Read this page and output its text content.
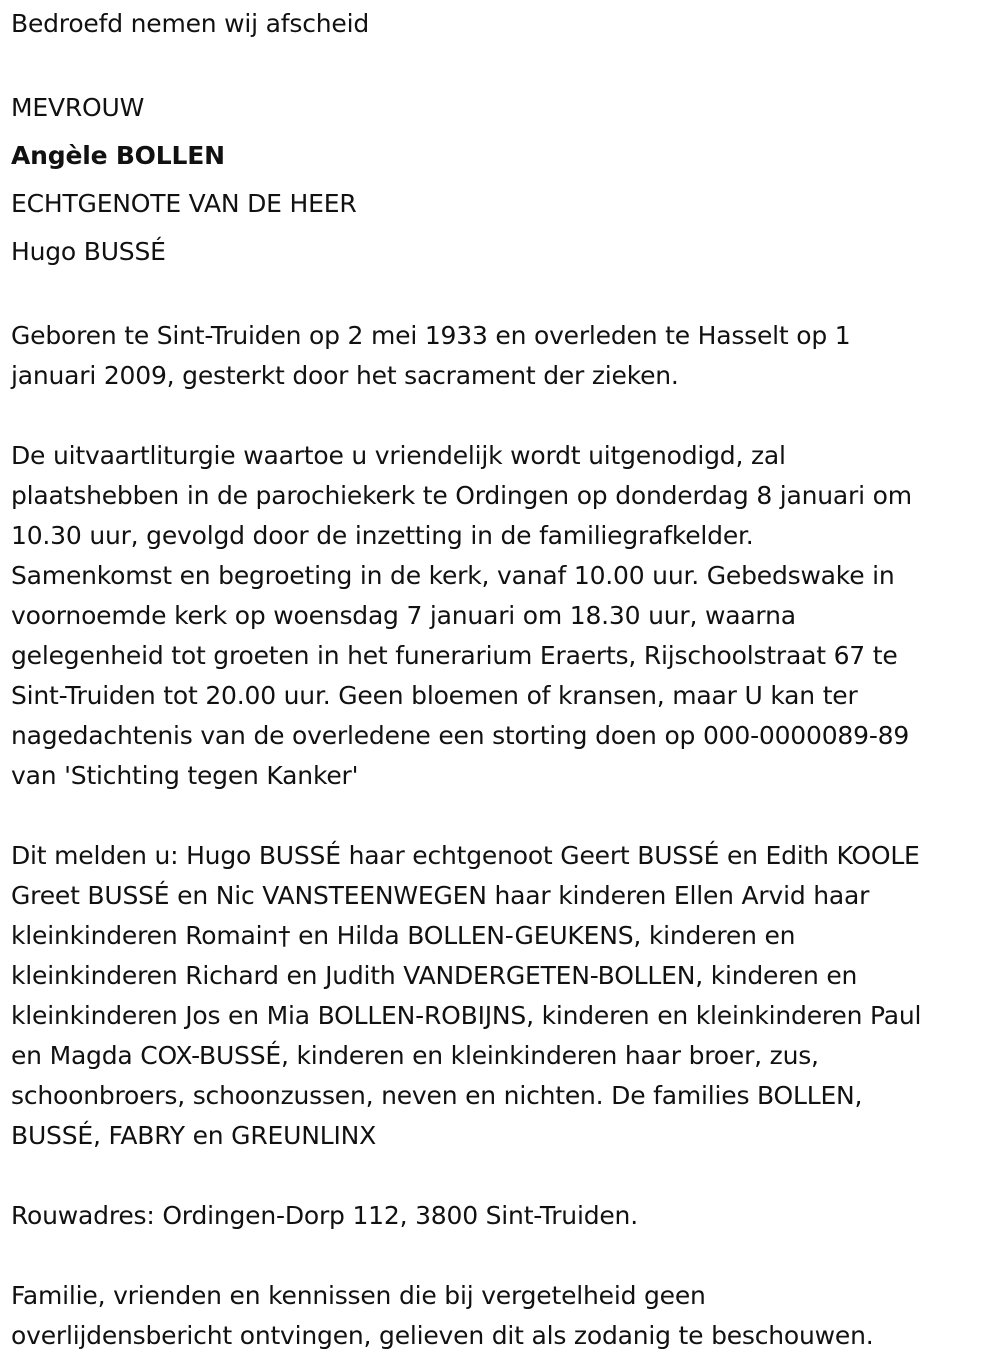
Bedroefd nemen wij afscheid
MEVROUW
Angèle BOLLEN
ECHTGENOTE VAN DE HEER
Hugo BUSSÉ
Geboren te Sint-Truiden op 2 mei 1933 en overleden te Hasselt op 1
januari 2009, gesterkt door het sacrament der zieken.
De uitvaartliturgie waartoe u vriendelijk wordt uitgenodigd, zal
plaatshebben in de parochiekerk te Ordingen op donderdag 8 januari om
10.30 uur, gevolgd door de inzetting in de familiegrafkelder.
Samenkomst en begroeting in de kerk, vanaf 10.00 uur. Gebedswake in
voornoemde kerk op woensdag 7 januari om 18.30 uur, waarna
gelegenheid tot groeten in het funerarium Eraerts, Rijschoolstraat 67 te
Sint-Truiden tot 20.00 uur. Geen bloemen of kransen, maar U kan ter
nagedachtenis van de overledene een storting doen op 000-0000089-89
van 'Stichting tegen Kanker'
Dit melden u: Hugo BUSSÉ haar echtgenoot Geert BUSSÉ en Edith KOOLE
Greet BUSSÉ en Nic VANSTEENWEGEN haar kinderen Ellen Arvid haar
kleinkinderen Romain† en Hilda BOLLEN-GEUKENS, kinderen en
kleinkinderen Richard en Judith VANDERGETEN-BOLLEN, kinderen en
kleinkinderen Jos en Mia BOLLEN-ROBIJNS, kinderen en kleinkinderen Paul
en Magda COX-BUSSÉ, kinderen en kleinkinderen haar broer, zus,
schoonbroers, schoonzussen, neven en nichten. De families BOLLEN,
BUSSÉ, FABRY en GREUNLINX
Rouwadres: Ordingen-Dorp 112, 3800 Sint-Truiden.
Familie, vrienden en kennissen die bij vergetelheid geen
overlijdensbericht ontvingen, gelieven dit als zodanig te beschouwen.
